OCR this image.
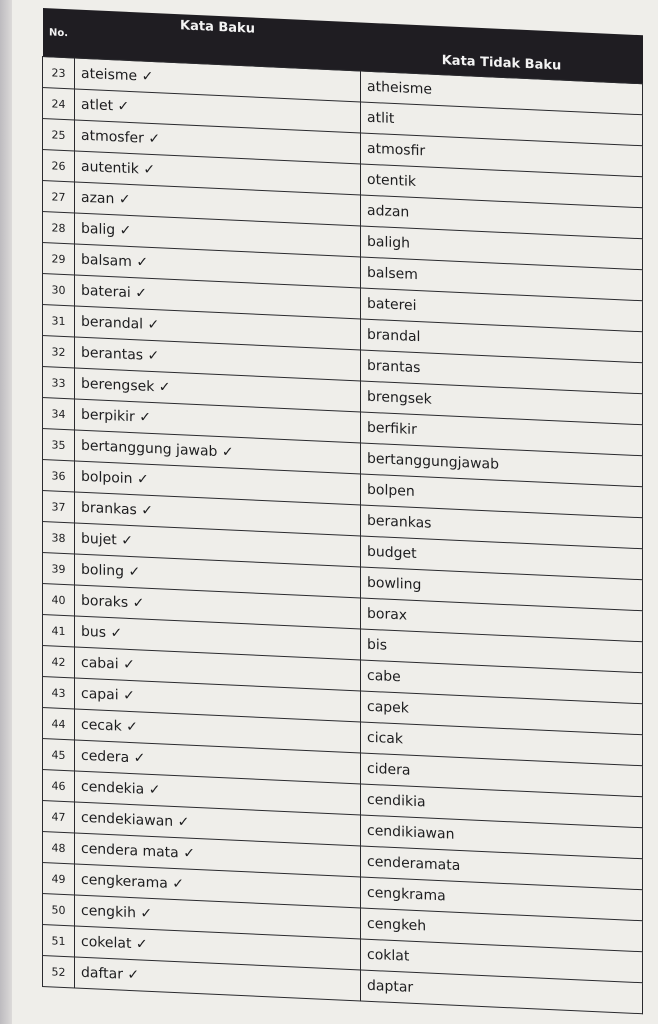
No.	Kata Baku	Kata Tidak Baku
23	ateisme ✓	atheisme
24	atlet ✓	atlit
25	atmosfer ✓	atmosfir
26	autentik ✓	otentik
27	azan ✓	adzan
28	balig ✓	baligh
29	balsam ✓	balsem
30	baterai ✓	baterei
31	berandal ✓	brandal
32	berantas ✓	brantas
33	berengsek ✓	brengsek
34	berpikir ✓	berfikir
35	bertanggung jawab ✓	bertanggungjawab
36	bolpoin ✓	bolpen
37	brankas ✓	berankas
38	bujet ✓	budget
39	boling ✓	bowling
40	boraks ✓	borax
41	bus ✓	bis
42	cabai ✓	cabe
43	capai ✓	capek
44	cecak ✓	cicak
45	cedera ✓	cidera
46	cendekia ✓	cendikia
47	cendekiawan ✓	cendikiawan
48	cendera mata ✓	cenderamata
49	cengkerama ✓	cengkrama
50	cengkih ✓	cengkeh
51	cokelat ✓	coklat
52	daftar ✓	daptar
